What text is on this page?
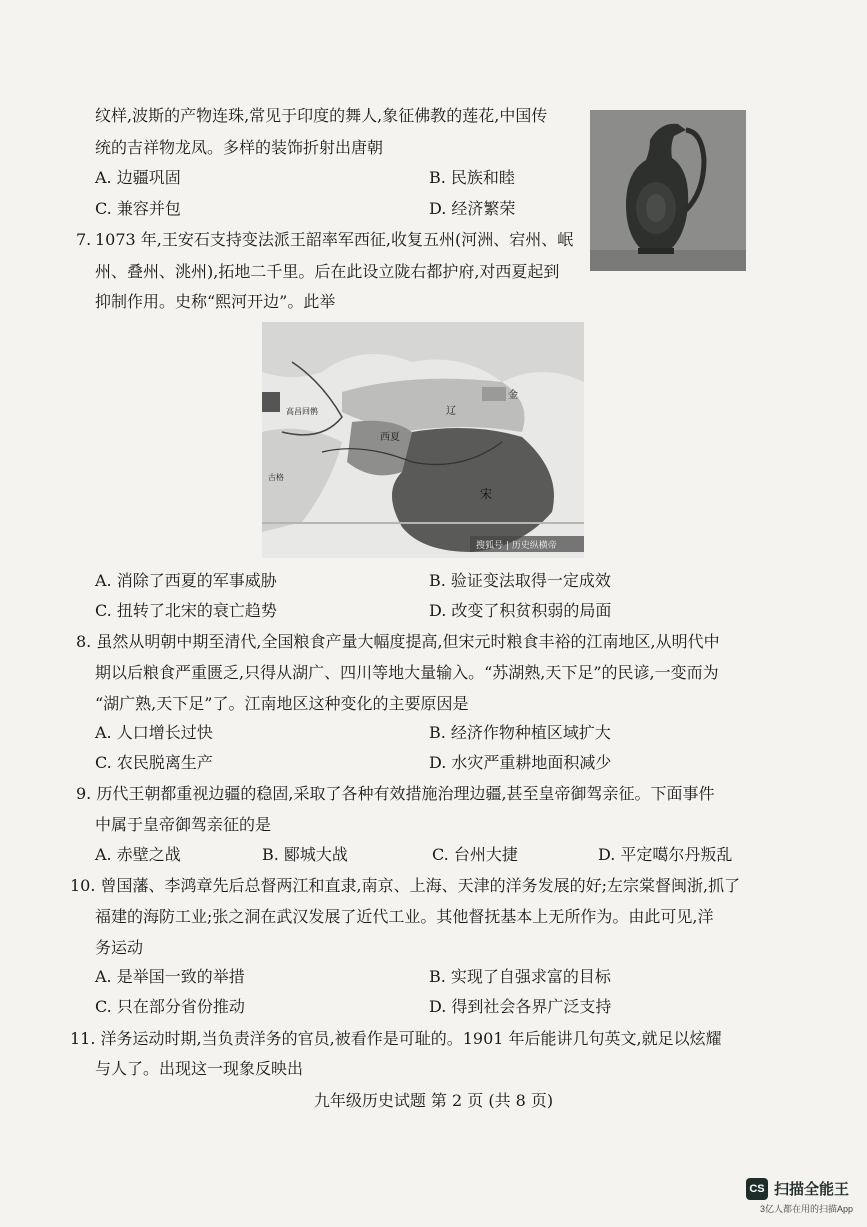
纹样,波斯的产物连珠,常见于印度的舞人,象征佛教的莲花,中国传
统的吉祥物龙凤。多样的装饰折射出唐朝
A. 边疆巩固	B. 民族和睦
C. 兼容并包	D. 经济繁荣
7. 1073 年,王安石支持变法派王韶率军西征,收复五州(河洲、宕州、岷
州、叠州、洮州),拓地二千里。后在此设立陇右都护府,对西夏起到
抑制作用。史称“熙河开边”。此举
辽
金
西夏
高昌回鹘
古格
宋
搜狐号 | 历史纵横帝
A. 消除了西夏的军事威胁	B. 验证变法取得一定成效
C. 扭转了北宋的衰亡趋势	D. 改变了积贫积弱的局面
8. 虽然从明朝中期至清代,全国粮食产量大幅度提高,但宋元时粮食丰裕的江南地区,从明代中
期以后粮食严重匮乏,只得从湖广、四川等地大量输入。“苏湖熟,天下足”的民谚,一变而为
“湖广熟,天下足”了。江南地区这种变化的主要原因是
A. 人口增长过快	B. 经济作物种植区域扩大
C. 农民脱离生产	D. 水灾严重耕地面积减少
9. 历代王朝都重视边疆的稳固,采取了各种有效措施治理边疆,甚至皇帝御驾亲征。下面事件
中属于皇帝御驾亲征的是
A. 赤壁之战	B. 郾城大战	C. 台州大捷	D. 平定噶尔丹叛乱
10. 曾国藩、李鸿章先后总督两江和直隶,南京、上海、天津的洋务发展的好;左宗棠督闽浙,抓了
福建的海防工业;张之洞在武汉发展了近代工业。其他督抚基本上无所作为。由此可见,洋
务运动
A. 是举国一致的举措	B. 实现了自强求富的目标
C. 只在部分省份推动	D. 得到社会各界广泛支持
11. 洋务运动时期,当负责洋务的官员,被看作是可耻的。1901 年后能讲几句英文,就足以炫耀
与人了。出现这一现象反映出
九年级历史试题 第 2 页 (共 8 页)
CS 扫描全能王
3亿人都在用的扫描App
